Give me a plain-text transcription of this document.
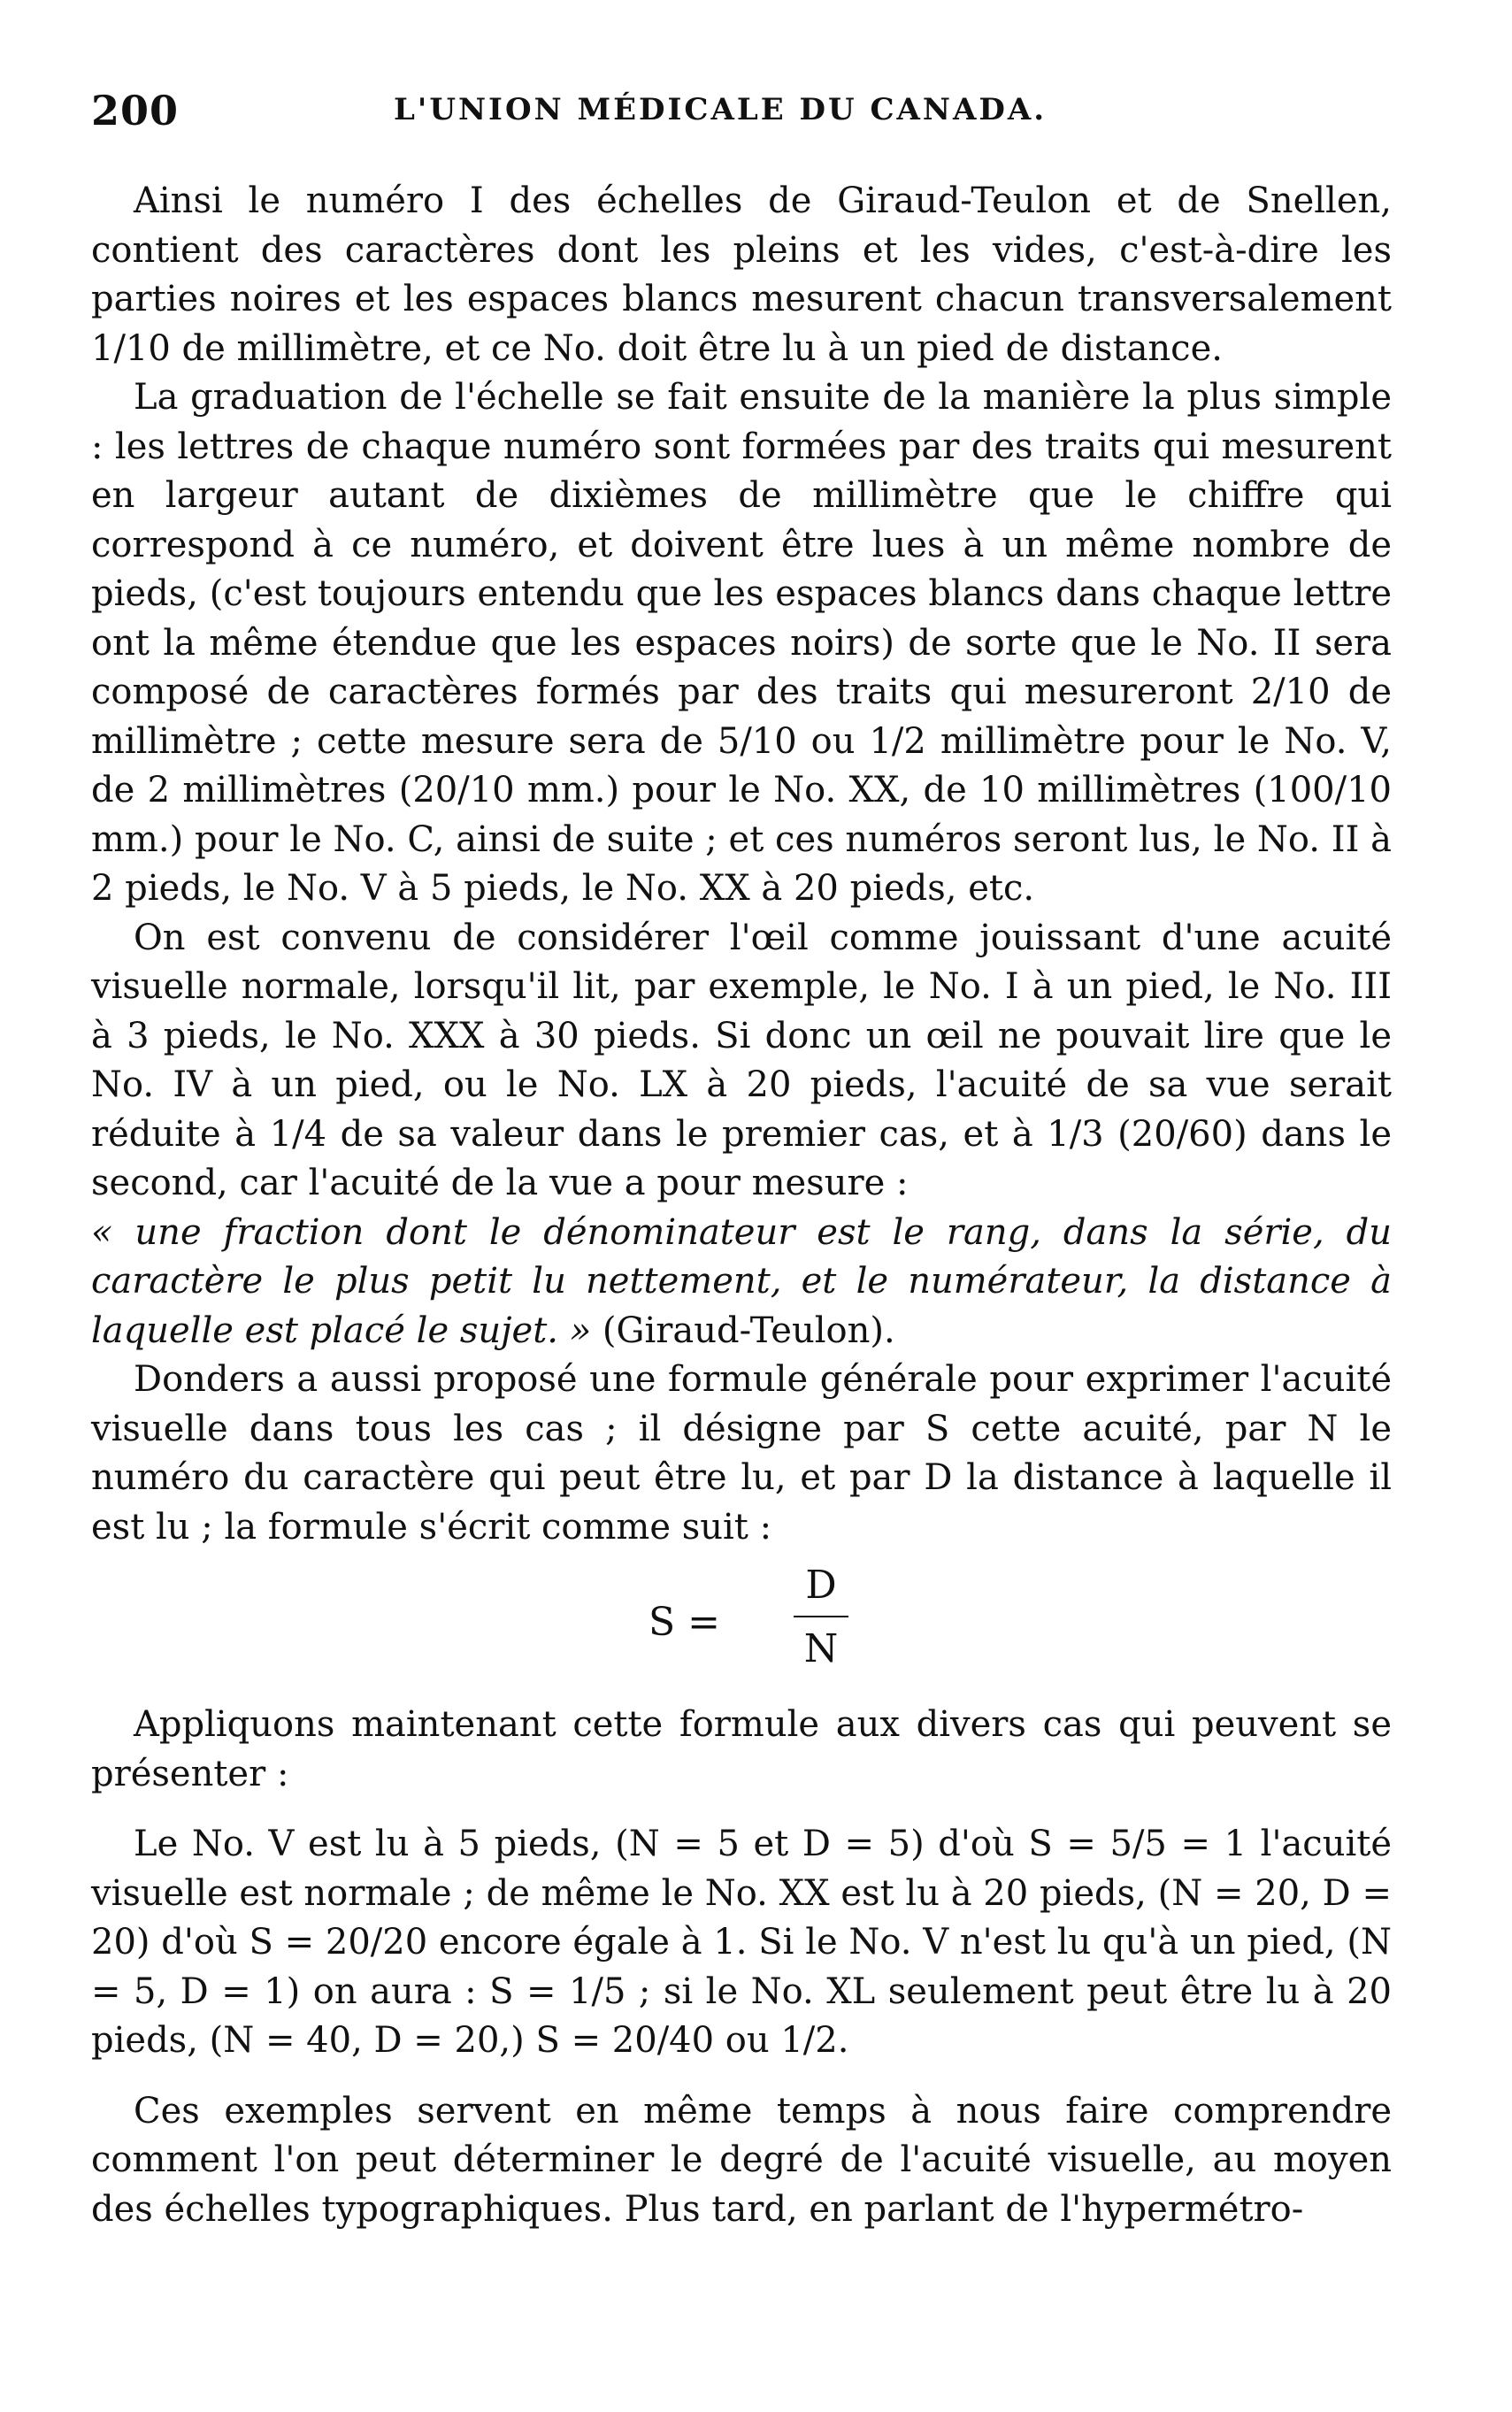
200	L'UNION MÉDICALE DU CANADA.

Ainsi le numéro I des échelles de Giraud-Teulon et de Snellen, contient des caractères dont les pleins et les vides, c'est-à-dire les parties noires et les espaces blancs mesurent chacun transversalement 1/10 de millimètre, et ce No. doit être lu à un pied de distance.

La graduation de l'échelle se fait ensuite de la manière la plus simple : les lettres de chaque numéro sont formées par des traits qui mesurent en largeur autant de dixièmes de millimètre que le chiffre qui correspond à ce numéro, et doivent être lues à un même nombre de pieds, (c'est toujours entendu que les espaces blancs dans chaque lettre ont la même étendue que les espaces noirs) de sorte que le No. II sera composé de caractères formés par des traits qui mesureront 2/10 de millimètre ; cette mesure sera de 5/10 ou 1/2 millimètre pour le No. V, de 2 millimètres (20/10 mm.) pour le No. XX, de 10 millimètres (100/10 mm.) pour le No. C, ainsi de suite ; et ces numéros seront lus, le No. II à 2 pieds, le No. V à 5 pieds, le No. XX à 20 pieds, etc.

On est convenu de considérer l'œil comme jouissant d'une acuité visuelle normale, lorsqu'il lit, par exemple, le No. I à un pied, le No. III à 3 pieds, le No. XXX à 30 pieds. Si donc un œil ne pouvait lire que le No. IV à un pied, ou le No. LX à 20 pieds, l'acuité de sa vue serait réduite à 1/4 de sa valeur dans le premier cas, et à 1/3 (20/60) dans le second, car l'acuité de la vue a pour mesure :

« une fraction dont le dénominateur est le rang, dans la série, du caractère le plus petit lu nettement, et le numérateur, la distance à laquelle est placé le sujet. » (Giraud-Teulon).

Donders a aussi proposé une formule générale pour exprimer l'acuité visuelle dans tous les cas ; il désigne par S cette acuité, par N le numéro du caractère qui peut être lu, et par D la distance à laquelle il est lu ; la formule s'écrit comme suit :

S =
D
N

Appliquons maintenant cette formule aux divers cas qui peuvent se présenter :

Le No. V est lu à 5 pieds, (N = 5 et D = 5) d'où S = 5/5 = 1 l'acuité visuelle est normale ; de même le No. XX est lu à 20 pieds, (N = 20, D = 20) d'où S = 20/20 encore égale à 1. Si le No. V n'est lu qu'à un pied, (N = 5, D = 1) on aura : S = 1/5 ; si le No. XL seulement peut être lu à 20 pieds, (N = 40, D = 20,) S = 20/40 ou 1/2.

Ces exemples servent en même temps à nous faire comprendre comment l'on peut déterminer le degré de l'acuité visuelle, au moyen des échelles typographiques. Plus tard, en parlant de l'hypermétro-
